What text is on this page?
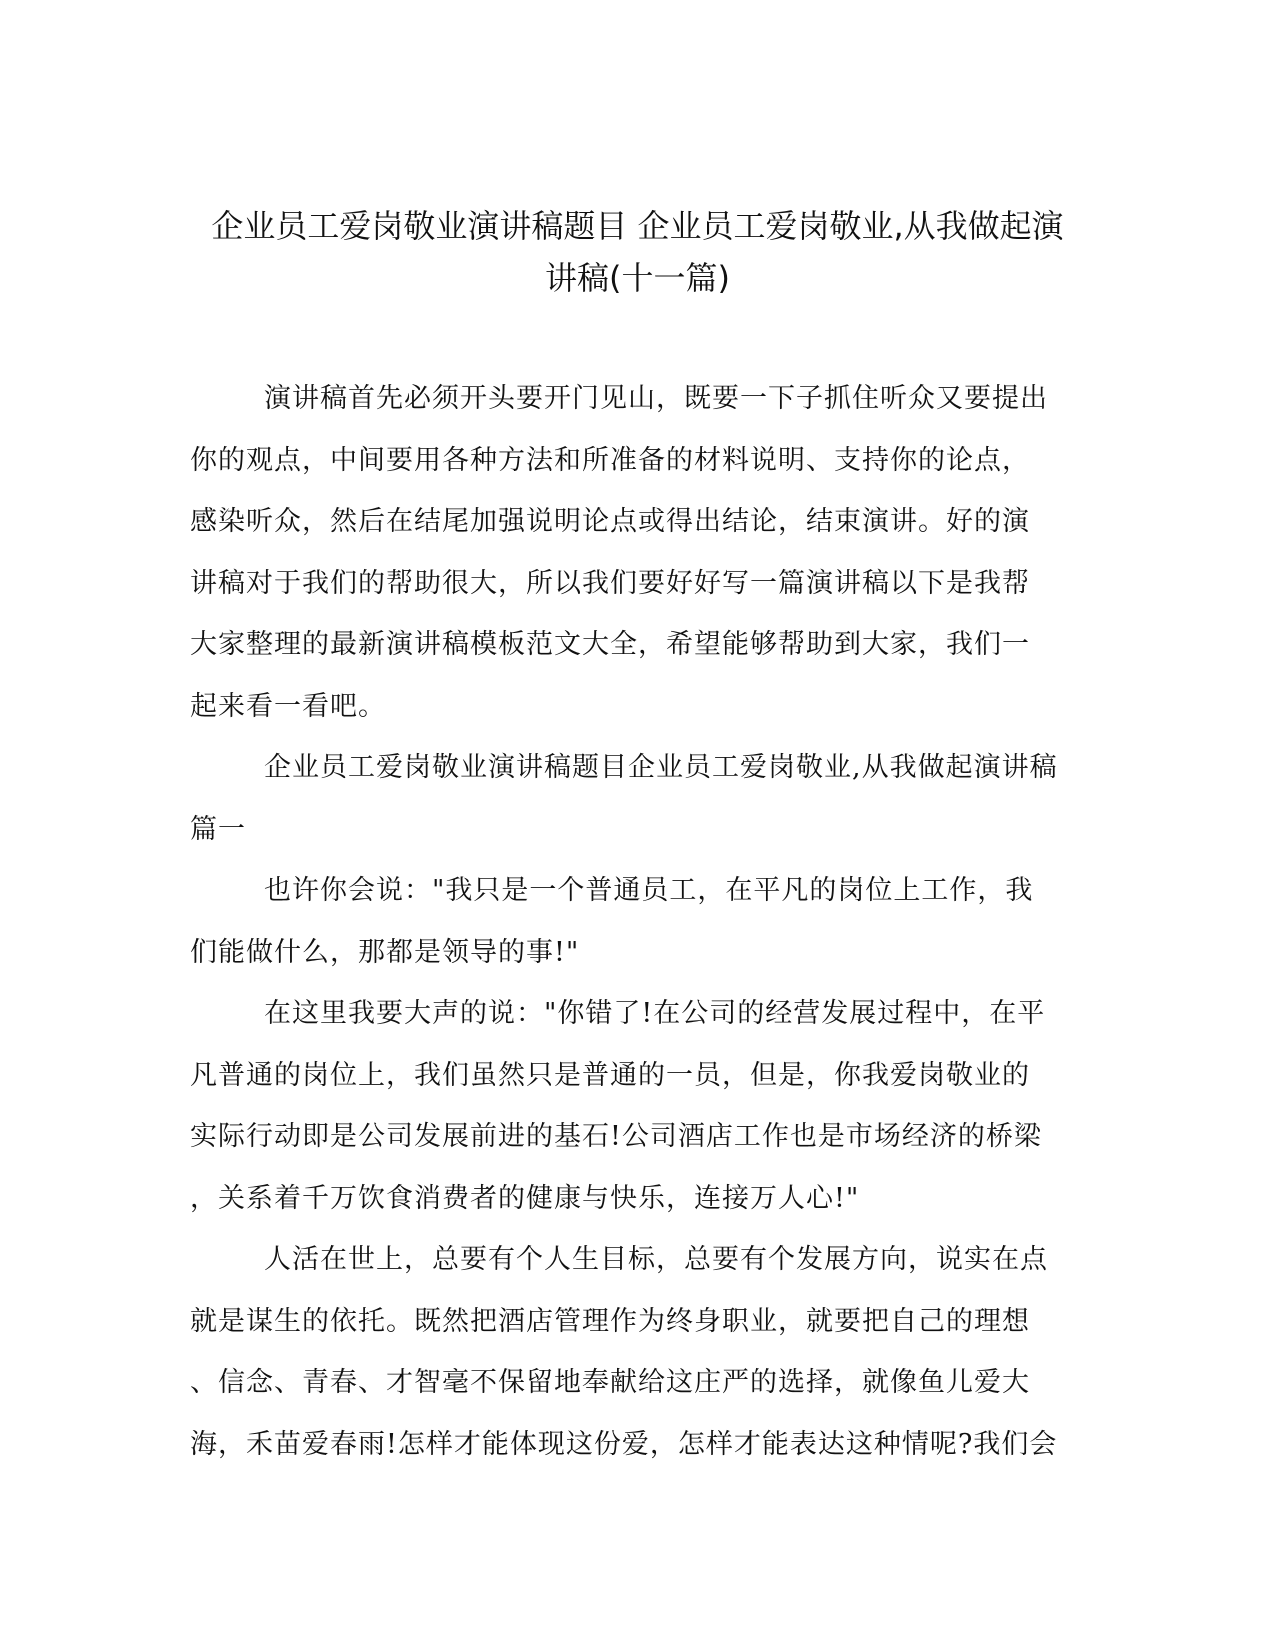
企业员工爱岗敬业演讲稿题目 企业员工爱岗敬业,从我做起演
讲稿(十一篇)
演讲稿首先必须开头要开门见山，既要一下子抓住听众又要提出
你的观点，中间要用各种方法和所准备的材料说明、支持你的论点，
感染听众，然后在结尾加强说明论点或得出结论，结束演讲。好的演
讲稿对于我们的帮助很大，所以我们要好好写一篇演讲稿以下是我帮
大家整理的最新演讲稿模板范文大全，希望能够帮助到大家，我们一
起来看一看吧。
企业员工爱岗敬业演讲稿题目企业员工爱岗敬业,从我做起演讲稿
篇一
也许你会说："我只是一个普通员工，在平凡的岗位上工作，我
们能做什么，那都是领导的事!"
在这里我要大声的说："你错了!在公司的经营发展过程中，在平
凡普通的岗位上，我们虽然只是普通的一员，但是，你我爱岗敬业的
实际行动即是公司发展前进的基石!公司酒店工作也是市场经济的桥梁
，关系着千万饮食消费者的健康与快乐，连接万人心!"
人活在世上，总要有个人生目标，总要有个发展方向，说实在点
就是谋生的依托。既然把酒店管理作为终身职业，就要把自己的理想
、信念、青春、才智毫不保留地奉献给这庄严的选择，就像鱼儿爱大
海，禾苗爱春雨!怎样才能体现这份爱，怎样才能表达这种情呢?我们会
